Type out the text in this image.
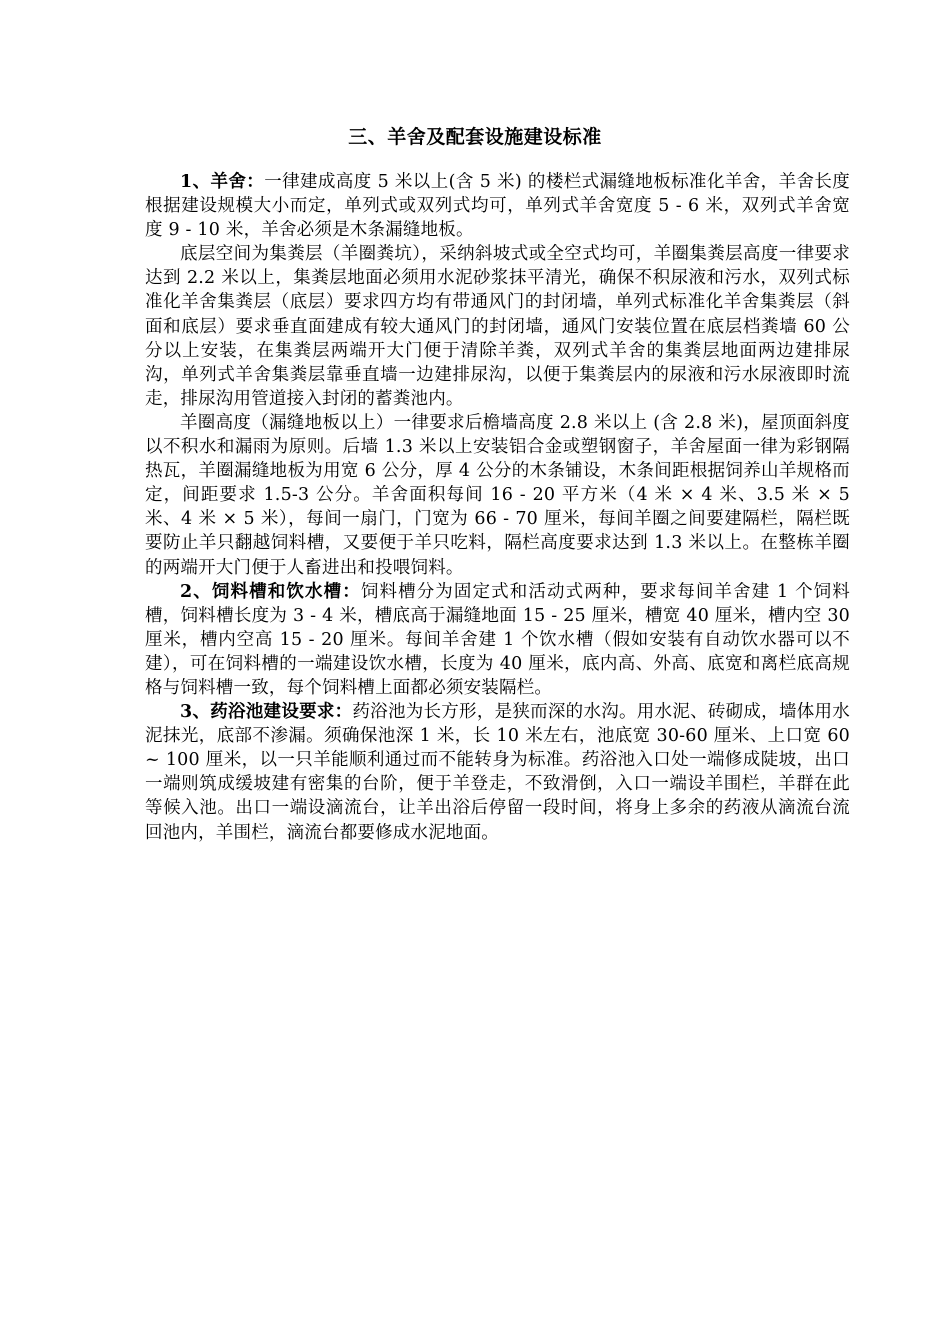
三、羊舍及配套设施建设标准

1、羊舍：一律建成高度 5 米以上(含 5 米) 的楼栏式漏缝地板标准化羊舍，羊舍长度根据建设规模大小而定，单列式或双列式均可，单列式羊舍宽度 5 - 6 米，双列式羊舍宽度 9 - 10 米，羊舍必须是木条漏缝地板。

底层空间为集粪层（羊圈粪坑），采纳斜坡式或全空式均可，羊圈集粪层高度一律要求达到 2.2 米以上，集粪层地面必须用水泥砂浆抹平清光，确保不积尿液和污水，双列式标准化羊舍集粪层（底层）要求四方均有带通风门的封闭墙，单列式标准化羊舍集粪层（斜面和底层）要求垂直面建成有较大通风门的封闭墙，通风门安装位置在底层档粪墙 60 公分以上安装，在集粪层两端开大门便于清除羊粪，双列式羊舍的集粪层地面两边建排尿沟，单列式羊舍集粪层靠垂直墙一边建排尿沟，以便于集粪层内的尿液和污水尿液即时流走，排尿沟用管道接入封闭的蓄粪池内。

羊圈高度（漏缝地板以上）一律要求后檐墙高度 2.8 米以上 (含 2.8 米)，屋顶面斜度以不积水和漏雨为原则。后墙 1.3 米以上安装铝合金或塑钢窗子，羊舍屋面一律为彩钢隔热瓦，羊圈漏缝地板为用宽 6 公分，厚 4 公分的木条铺设，木条间距根据饲养山羊规格而定，间距要求 1.5-3 公分。羊舍面积每间 16 - 20 平方米（4 米 × 4 米、3.5 米 × 5 米、4 米 × 5 米），每间一扇门，门宽为 66 - 70 厘米，每间羊圈之间要建隔栏，隔栏既要防止羊只翻越饲料槽，又要便于羊只吃料，隔栏高度要求达到 1.3 米以上。在整栋羊圈的两端开大门便于人畜进出和投喂饲料。

2、饲料槽和饮水槽：饲料槽分为固定式和活动式两种，要求每间羊舍建 1 个饲料槽，饲料槽长度为 3 - 4 米，槽底高于漏缝地面 15 - 25 厘米，槽宽 40 厘米，槽内空 30 厘米，槽内空高 15 - 20 厘米。每间羊舍建 1 个饮水槽（假如安装有自动饮水器可以不建），可在饲料槽的一端建设饮水槽，长度为 40 厘米，底内高、外高、底宽和离栏底高规格与饲料槽一致，每个饲料槽上面都必须安装隔栏。

3、药浴池建设要求：药浴池为长方形，是狭而深的水沟。用水泥、砖砌成，墙体用水泥抹光，底部不渗漏。须确保池深 1 米，长 10 米左右，池底宽 30-60 厘米、上口宽 60 ~ 100 厘米，以一只羊能顺利通过而不能转身为标准。药浴池入口处一端修成陡坡，出口一端则筑成缓坡建有密集的台阶，便于羊登走，不致滑倒，入口一端设羊围栏，羊群在此等候入池。出口一端设滴流台，让羊出浴后停留一段时间，将身上多余的药液从滴流台流回池内，羊围栏，滴流台都要修成水泥地面。
